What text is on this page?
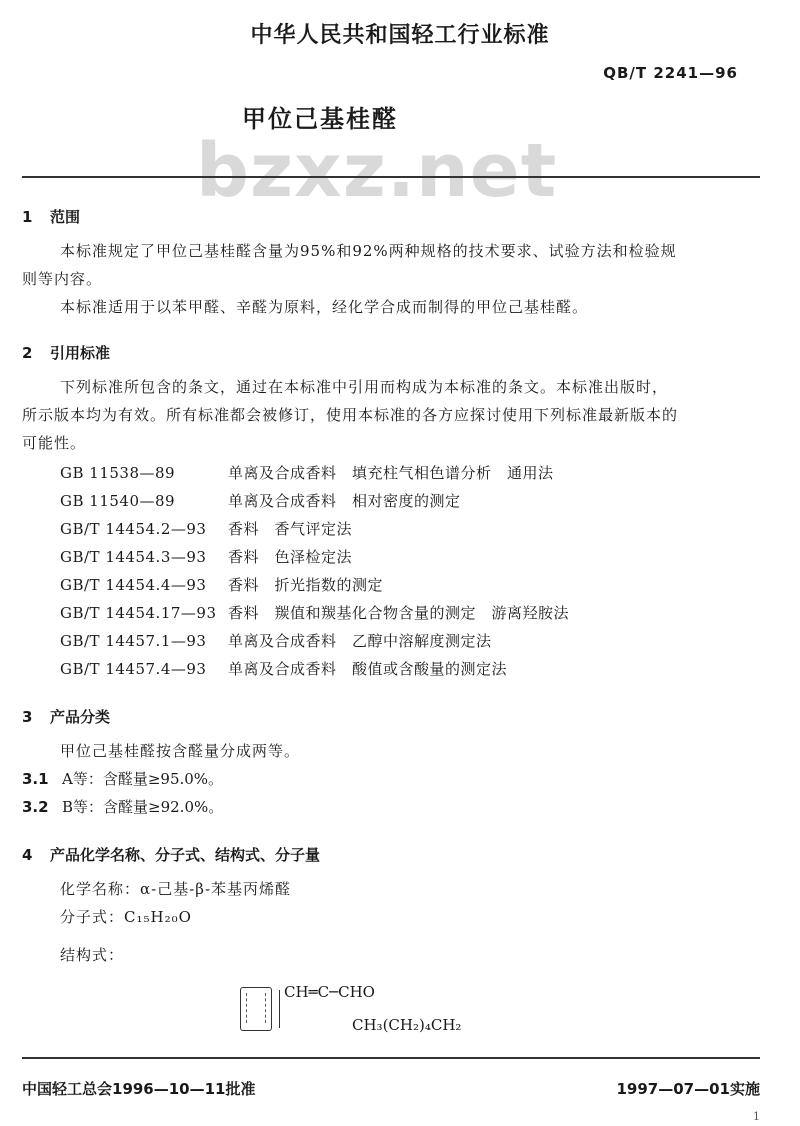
中华人民共和国轻工行业标准
QB/T 2241—96
甲位己基桂醛
bzxz.net
1 范围
本标准规定了甲位己基桂醛含量为95%和92%两种规格的技术要求、试验方法和检验规
则等内容。
本标准适用于以苯甲醛、辛醛为原料，经化学合成而制得的甲位己基桂醛。
2 引用标准
下列标准所包含的条文，通过在本标准中引用而构成为本标准的条文。本标准出版时，
所示版本均为有效。所有标准都会被修订，使用本标准的各方应探讨使用下列标准最新版本的
可能性。
GB 11538—89	单离及合成香料　填充柱气相色谱分析　通用法
GB 11540—89	单离及合成香料　相对密度的测定
GB/T 14454.2—93 香料　香气评定法
GB/T 14454.3—93 香料　色泽检定法
GB/T 14454.4—93 香料　折光指数的测定
GB/T 14454.17—93 香料　羰值和羰基化合物含量的测定　游离羟胺法
GB/T 14457.1—93 单离及合成香料　乙醇中溶解度测定法
GB/T 14457.4—93 单离及合成香料　酸值或含酸量的测定法
3 产品分类
甲位己基桂醛按含醛量分成两等。
3.1 A等：含醛量≥95.0%。
3.2 B等：含醛量≥92.0%。
4 产品化学名称、分子式、结构式、分子量
化学名称：α-己基-β-苯基丙烯醛
分子式：C₁₅H₂₀O
结构式：
CH═C─CHO
CH₃(CH₂)₄CH₂
中国轻工总会1996—10—11批准	1997—07—01实施
1
